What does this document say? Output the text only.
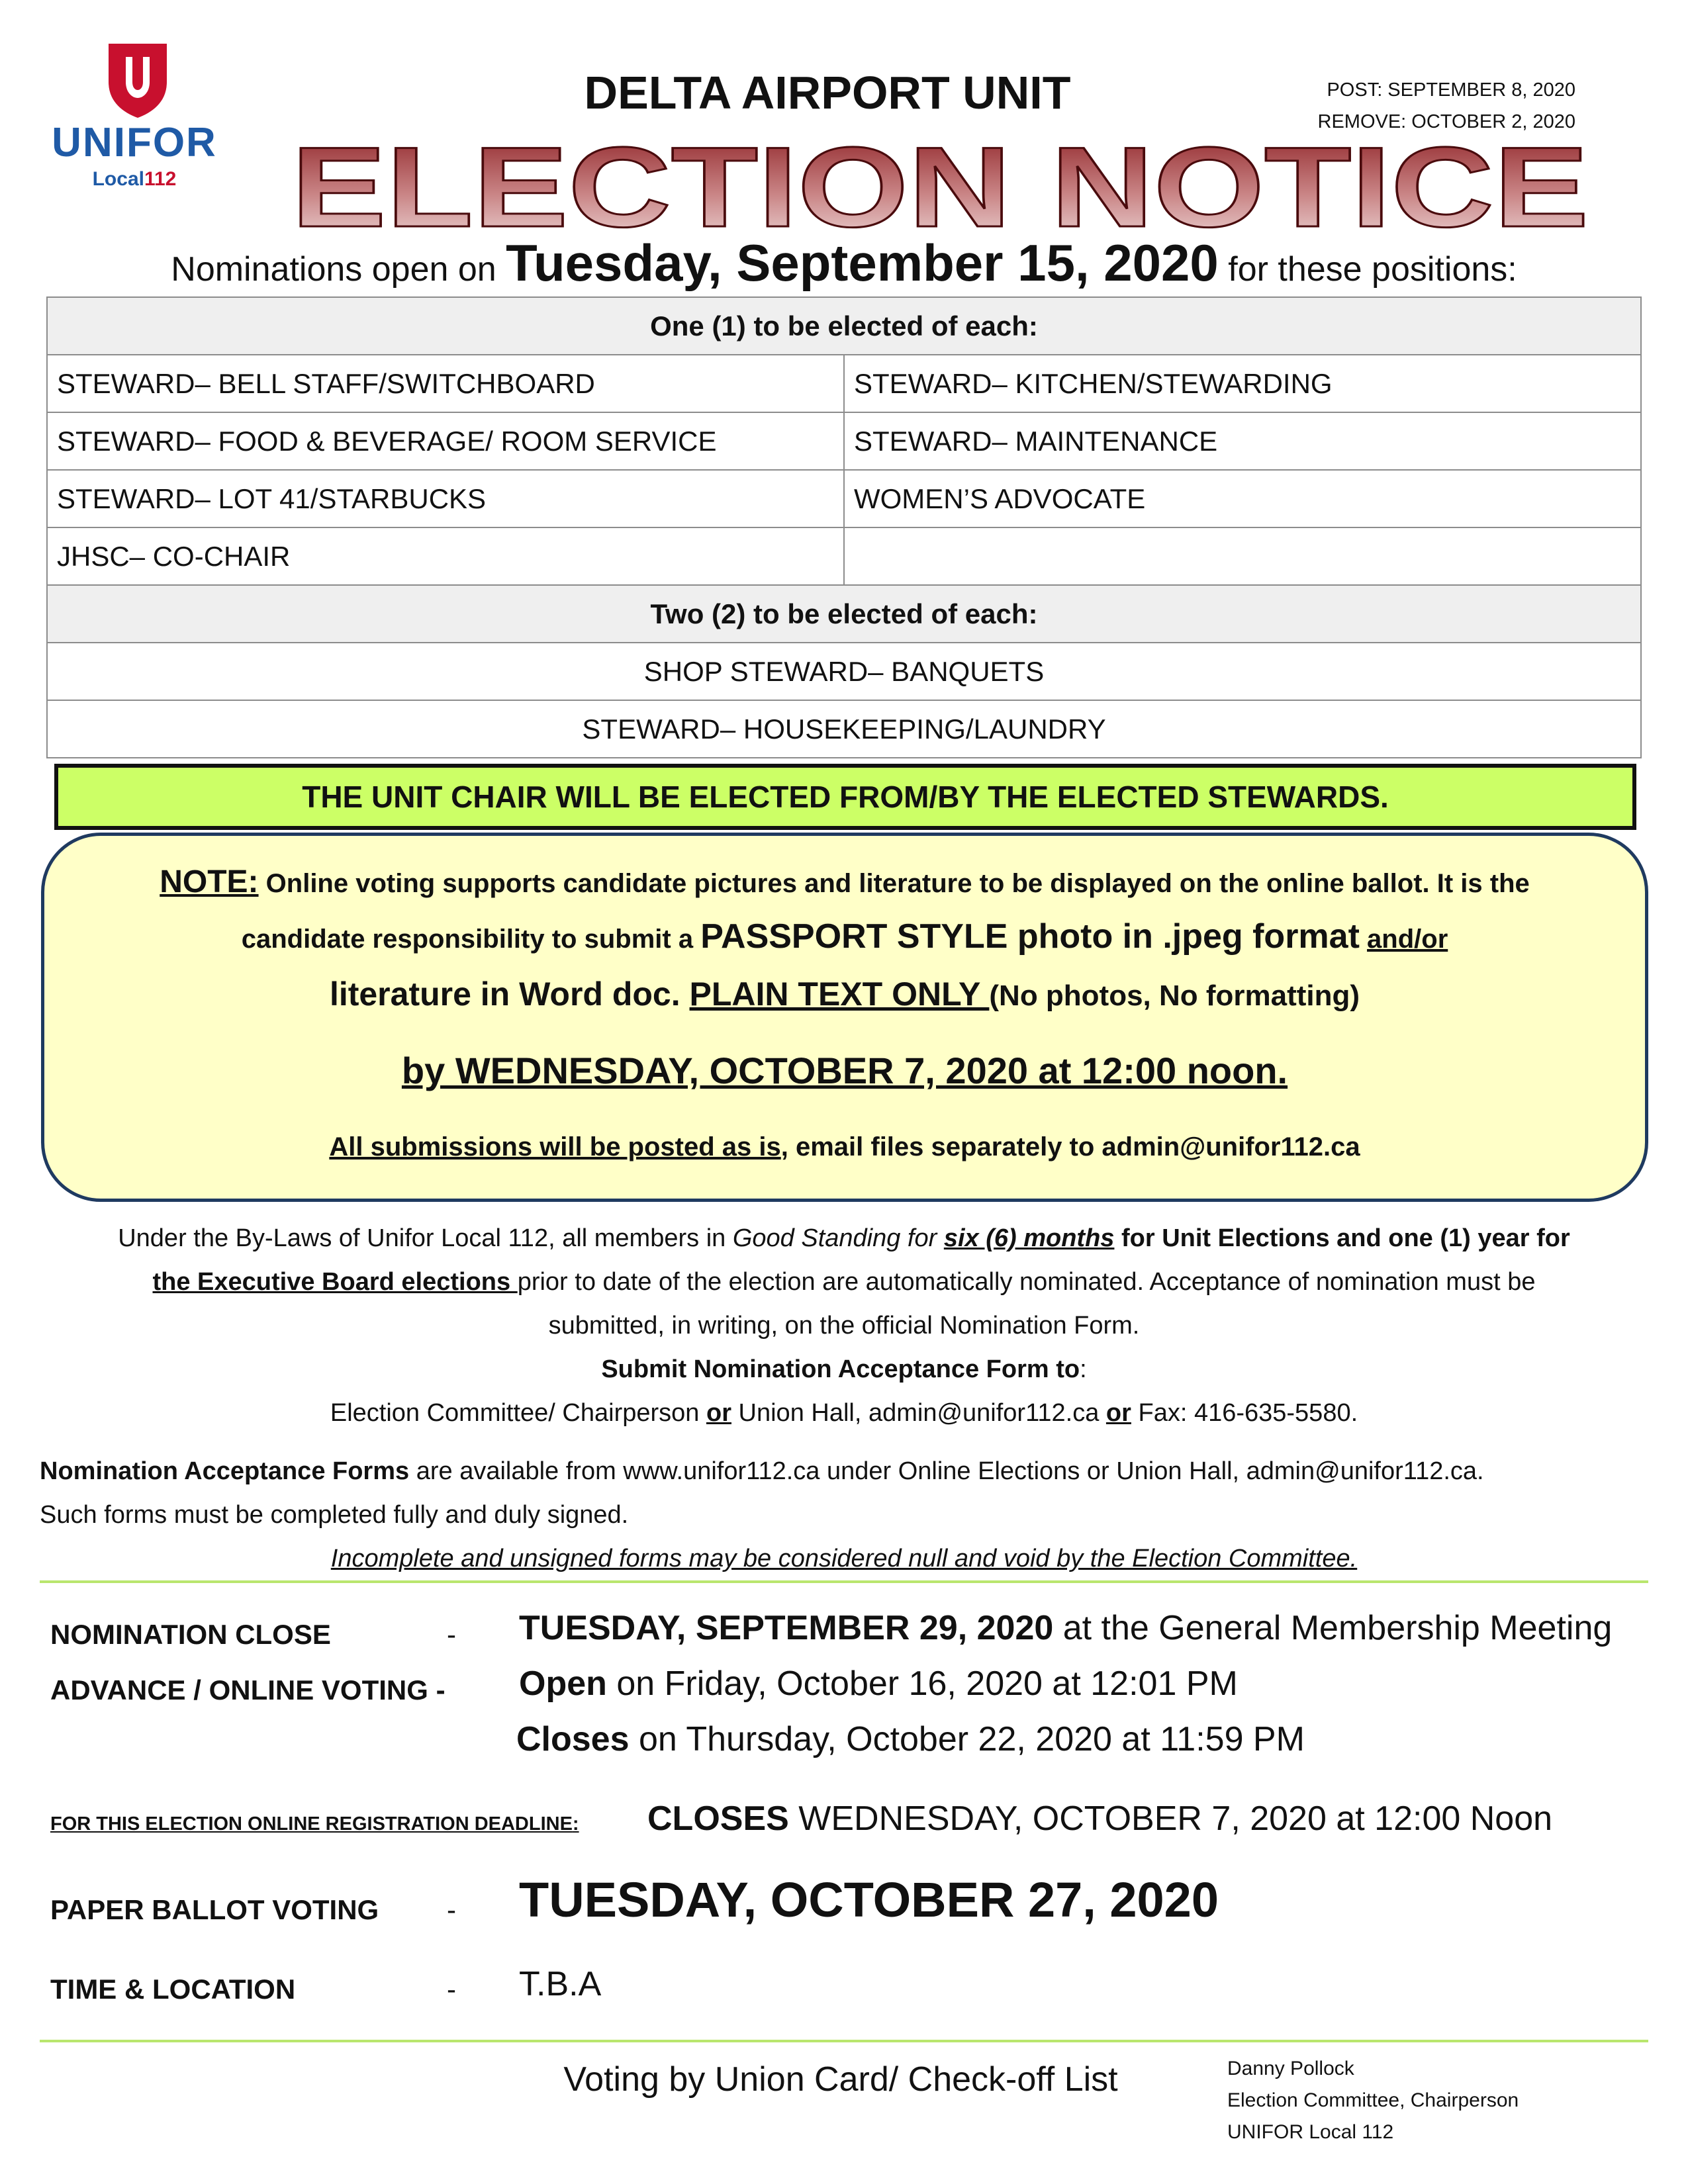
UNIFOR
Local112
DELTA AIRPORT UNIT	POST: SEPTEMBER 8, 2020
REMOVE: OCTOBER 2, 2020
ELECTION NOTICE
Nominations open on Tuesday, September 15, 2020 for these positions:
One (1) to be elected of each:	
STEWARD– BELL STAFF/SWITCHBOARD	STEWARD– KITCHEN/STEWARDING
STEWARD– FOOD & BEVERAGE/ ROOM SERVICE	STEWARD– MAINTENANCE
STEWARD– LOT 41/STARBUCKS	WOMEN’S ADVOCATE
JHSC– CO-CHAIR	
Two (2) to be elected of each:	
SHOP STEWARD– BANQUETS	
STEWARD– HOUSEKEEPING/LAUNDRY	
THE UNIT CHAIR WILL BE ELECTED FROM/BY THE ELECTED STEWARDS.
NOTE: Online voting supports candidate pictures and literature to be displayed on the online ballot. It is the
candidate responsibility to submit a PASSPORT STYLE photo in .jpeg format and/or
literature in Word doc. PLAIN TEXT ONLY (No photos, No formatting)
by WEDNESDAY, OCTOBER 7, 2020 at 12:00 noon.
All submissions will be posted as is, email files separately to admin@unifor112.ca

Under the By-Laws of Unifor Local 112, all members in Good Standing for six (6) months for Unit Elections and one (1) year for

the Executive Board elections prior to date of the election are automatically nominated. Acceptance of nomination must be

submitted, in writing, on the official Nomination Form.

Submit Nomination Acceptance Form to:

Election Committee/ Chairperson or Union Hall, admin@unifor112.ca or Fax: 416-635-5580.

Nomination Acceptance Forms are available from www.unifor112.ca under Online Elections or Union Hall, admin@unifor112.ca.

Such forms must be completed fully and duly signed.

Incomplete and unsigned forms may be considered null and void by the Election Committee.

NOMINATION CLOSE	- TUESDAY, SEPTEMBER 29, 2020 at the General Membership Meeting
ADVANCE / ONLINE VOTING - Open on Friday, October 16, 2020 at 12:01 PM
Closes on Thursday, October 22, 2020 at 11:59 PM
FOR THIS ELECTION ONLINE REGISTRATION DEADLINE: CLOSES WEDNESDAY, OCTOBER 7, 2020 at 12:00 Noon
PAPER BALLOT VOTING - TUESDAY, OCTOBER 27, 2020
TIME & LOCATION	- T.B.A
Voting by Union Card/ Check-off List	Danny Pollock
Election Committee, Chairperson
UNIFOR Local 112
